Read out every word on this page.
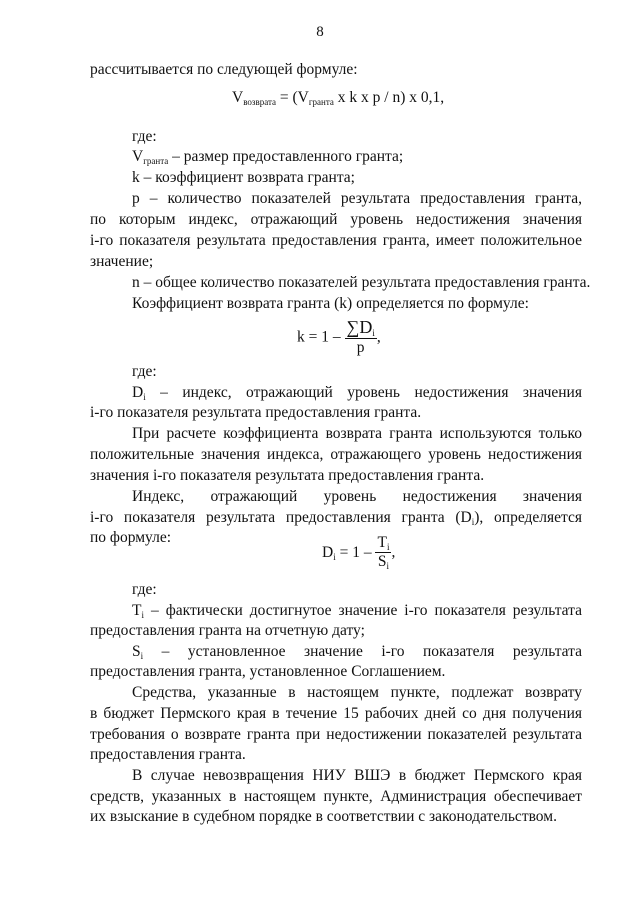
8
рассчитывается по следующей формуле:
$V_{возврата} = (V_{гранта}$ х k х p / n) х 0,1,
где:
$V_{гранта}$ – размер предоставленного гранта;
k – коэффициент возврата гранта;
p – количество показателей результата предоставления гранта,
по которым индекс, отражающий уровень недостижения значения
i-го показателя результата предоставления гранта, имеет положительное
значение;
n – общее количество показателей результата предоставления гранта.
Коэффициент возврата гранта (k) определяется по формуле:
$k = 1 - \frac{\sum D_i}{p}$ ,
где:
$D_i$ – индекс, отражающий уровень недостижения значения
i-го показателя результата предоставления гранта.
При расчете коэффициента возврата гранта используются только
положительные значения индекса, отражающего уровень недостижения
значения i-го показателя результата предоставления гранта.
Индекс, отражающий уровень недостижения значения
i-го показателя результата предоставления гранта $(D_i)$, определяется
по формуле:
$D_i = 1 - \frac{T_i}{S_i}$ ,
где:
$T_i$ – фактически достигнутое значение i-го показателя результата
предоставления гранта на отчетную дату;
$S_i$ – установленное значение i-го показателя результата
предоставления гранта, установленное Соглашением.
Средства, указанные в настоящем пункте, подлежат возврату
в бюджет Пермского края в течение 15 рабочих дней со дня получения
требования о возврате гранта при недостижении показателей результата
предоставления гранта.
В случае невозвращения НИУ ВШЭ в бюджет Пермского края
средств, указанных в настоящем пункте, Администрация обеспечивает
их взыскание в судебном порядке в соответствии с законодательством.
